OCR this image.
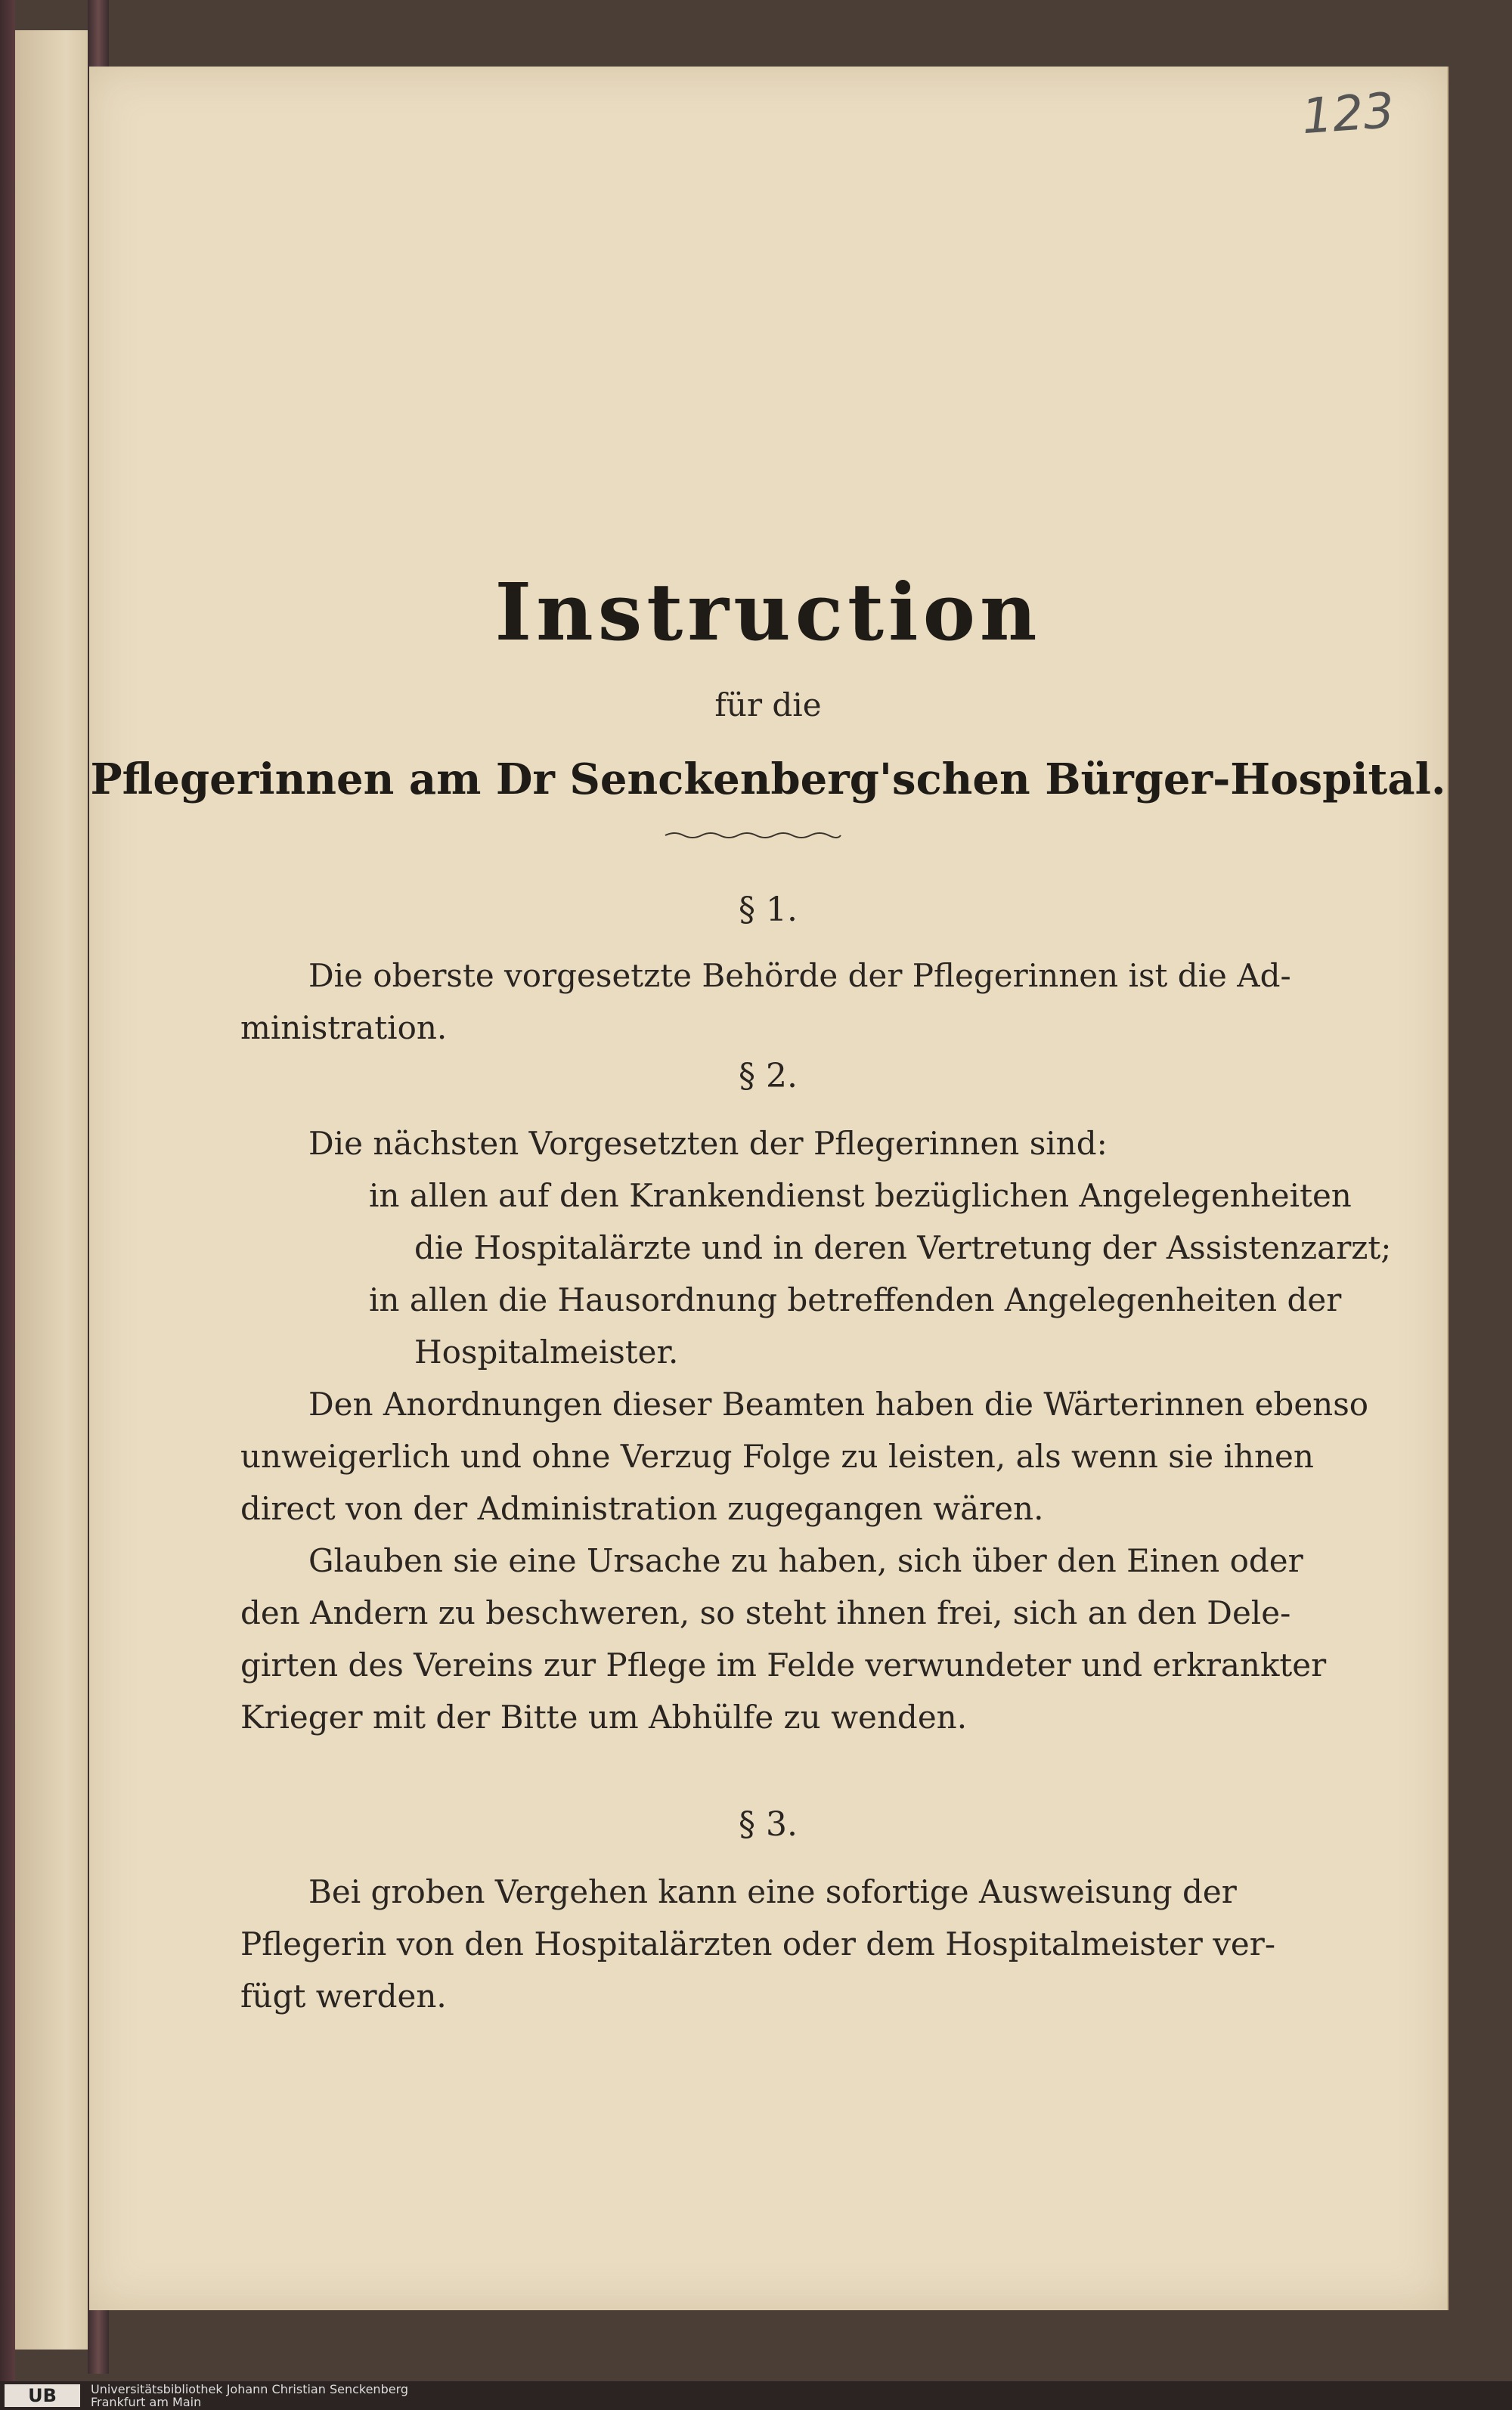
123
Instruction
für die
Pflegerinnen am Dr Senckenberg'schen Bürger-Hospital.
§ 1.
Die oberste vorgesetzte Behörde der Pflegerinnen ist die Ad-
ministration.
§ 2.
Die nächsten Vorgesetzten der Pflegerinnen sind:
in allen auf den Krankendienst bezüglichen Angelegenheiten
die Hospitalärzte und in deren Vertretung der Assistenzarzt;
in allen die Hausordnung betreffenden Angelegenheiten der
Hospitalmeister.
Den Anordnungen dieser Beamten haben die Wärterinnen ebenso
unweigerlich und ohne Verzug Folge zu leisten, als wenn sie ihnen
direct von der Administration zugegangen wären.
Glauben sie eine Ursache zu haben, sich über den Einen oder
den Andern zu beschweren, so steht ihnen frei, sich an den Dele-
girten des Vereins zur Pflege im Felde verwundeter und erkrankter
Krieger mit der Bitte um Abhülfe zu wenden.
§ 3.
Bei groben Vergehen kann eine sofortige Ausweisung der
Pflegerin von den Hospitalärzten oder dem Hospitalmeister ver-
fügt werden.
UB	Universitätsbibliothek Johann Christian Senckenberg
Frankfurt am Main
